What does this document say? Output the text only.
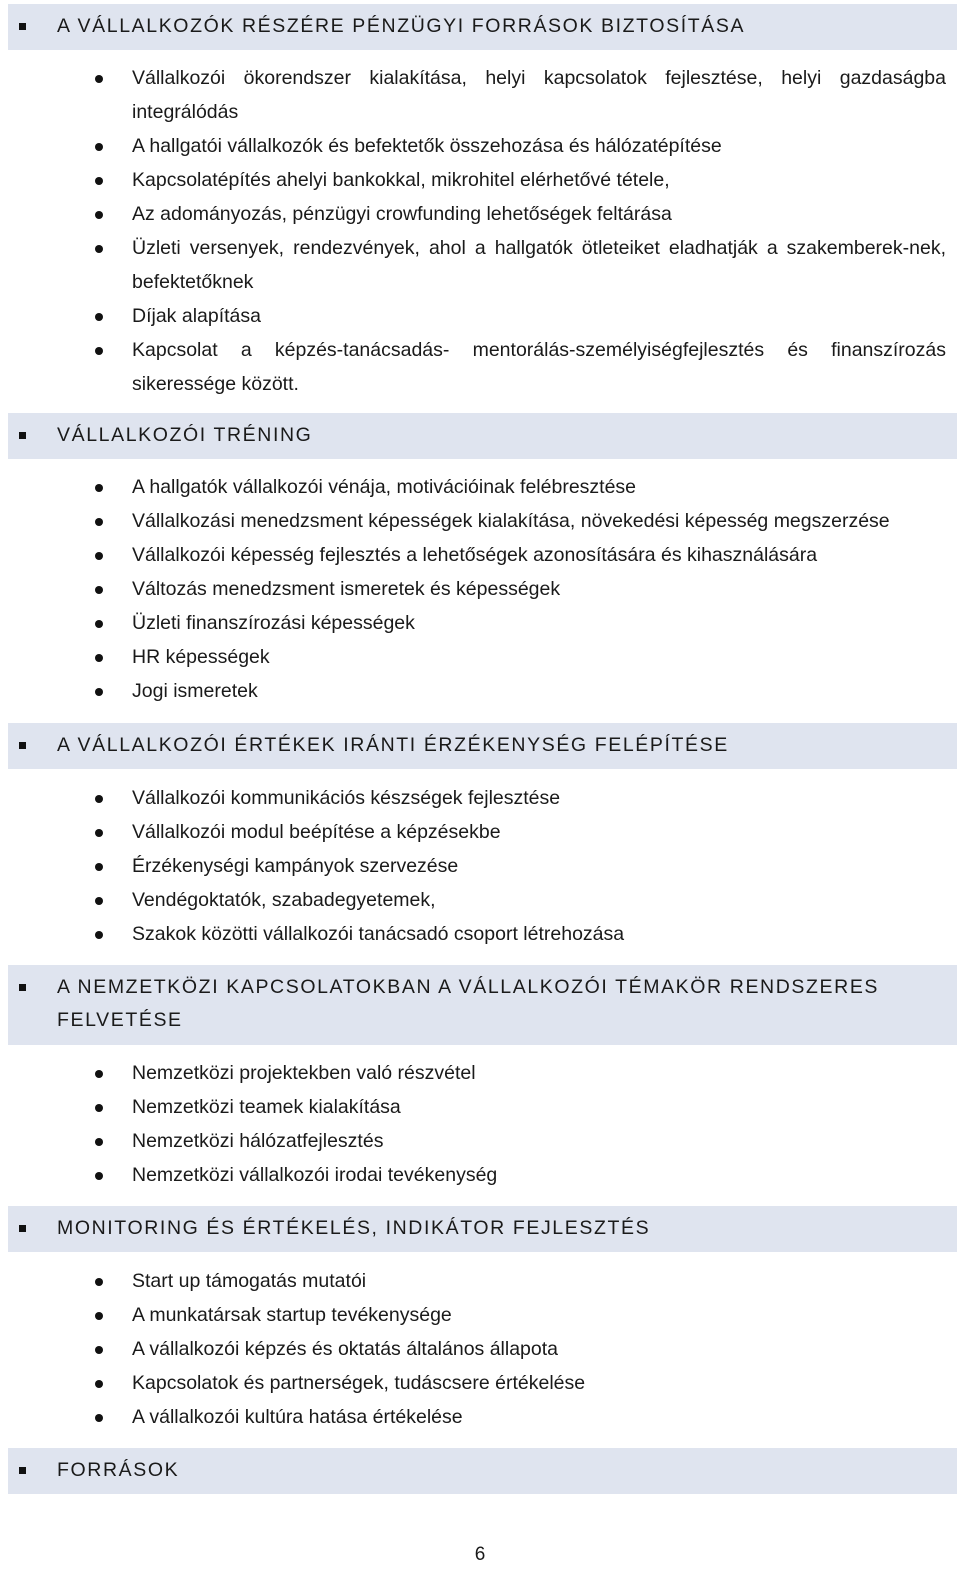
A VÁLLALKOZÓK RÉSZÉRE PÉNZÜGYI FORRÁSOK BIZTOSÍTÁSA
Vállalkozói ökorendszer kialakítása, helyi kapcsolatok fejlesztése, helyi gazdaságba integrálódás
A hallgatói vállalkozók és befektetők összehozása és hálózatépítése
Kapcsolatépítés ahelyi bankokkal, mikrohitel elérhetővé tétele,
Az adományozás, pénzügyi crowfunding lehetőségek feltárása
Üzleti versenyek, rendezvények, ahol a hallgatók ötleteiket eladhatják a szakemberek-nek, befektetőknek
Díjak alapítása
Kapcsolat a képzés-tanácsadás- mentorálás-személyiségfejlesztés és finanszírozás sikeressége között.
VÁLLALKOZÓI TRÉNING
A hallgatók vállalkozói vénája, motivációinak felébresztése
Vállalkozási menedzsment képességek kialakítása, növekedési képesség megszerzése
Vállalkozói képesség fejlesztés a lehetőségek azonosítására és kihasználására
Változás menedzsment ismeretek és képességek
Üzleti finanszírozási képességek
HR képességek
Jogi ismeretek
A VÁLLALKOZÓI ÉRTÉKEK IRÁNTI ÉRZÉKENYSÉG FELÉPÍTÉSE
Vállalkozói kommunikációs készségek fejlesztése
Vállalkozói modul beépítése a képzésekbe
Érzékenységi kampányok szervezése
Vendégoktatók, szabadegyetemek,
Szakok közötti vállalkozói tanácsadó csoport létrehozása
A NEMZETKÖZI KAPCSOLATOKBAN A VÁLLALKOZÓI TÉMAKÖR RENDSZERES FELVETÉSE
Nemzetközi projektekben való részvétel
Nemzetközi teamek kialakítása
Nemzetközi hálózatfejlesztés
Nemzetközi vállalkozói irodai tevékenység
MONITORING ÉS ÉRTÉKELÉS, INDIKÁTOR FEJLESZTÉS
Start up támogatás mutatói
A munkatársak startup tevékenysége
A vállalkozói képzés és oktatás általános állapota
Kapcsolatok és partnerségek, tudáscsere értékelése
A vállalkozói kultúra hatása értékelése
FORRÁSOK
6
